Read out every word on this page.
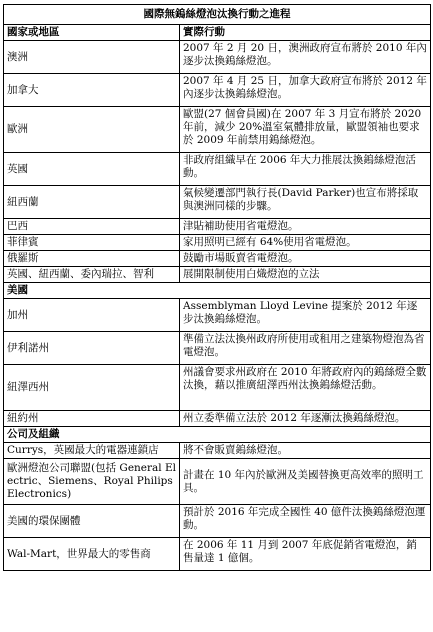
國際無鎢絲燈泡汰換行動之進程	
國家或地區	實際行動
澳洲	2007 年 2 月 20 日，澳洲政府宣布將於 2010 年內逐步汰換鎢絲燈泡。
加拿大	2007 年 4 月 25 日，加拿大政府宣布將於 2012 年內逐步汰換鎢絲燈泡。
歐洲	歐盟(27 個會員國)在 2007 年 3 月宣布將於 2020 年前，減少 20%溫室氣體排放量，歐盟領袖也要求於 2009 年前禁用鎢絲燈泡。
英國	非政府組織早在 2006 年大力推展汰換鎢絲燈泡活動。
紐西蘭	氣候變遷部門執行長(David Parker)也宣布將採取與澳洲同樣的步驟。
巴西	津貼補助使用省電燈泡。
菲律賓	家用照明已經有 64%使用省電燈泡。
俄羅斯	鼓勵市場販賣省電燈泡。
英國、紐西蘭、委內瑞拉、智利	展開限制使用白熾燈泡的立法
美國	
加州	Assemblyman Lloyd Levine 提案於 2012 年逐步汰換鎢絲燈泡。
伊利諾州	準備立法汰換州政府所使用或租用之建築物燈泡為省電燈泡。
紐澤西州	州議會要求州政府在 2010 年將政府內的鎢絲燈全數汰換，藉以推廣紐澤西州汰換鎢絲燈活動。
紐約州	州立委準備立法於 2012 年逐漸汰換鎢絲燈泡。
公司及組織	
Currys，英國最大的電器連鎖店	將不會販賣鎢絲燈泡。
歐洲燈泡公司聯盟(包括 General Electric、Siemens、Royal Philips Electronics)	計畫在 10 年內於歐洲及美國替換更高效率的照明工具。
美國的環保團體	預計於 2016 年完成全國性 40 億件汰換鎢絲燈泡運動。
Wal-Mart，世界最大的零售商	在 2006 年 11 月到 2007 年底促銷省電燈泡，銷售量達 1 億個。
